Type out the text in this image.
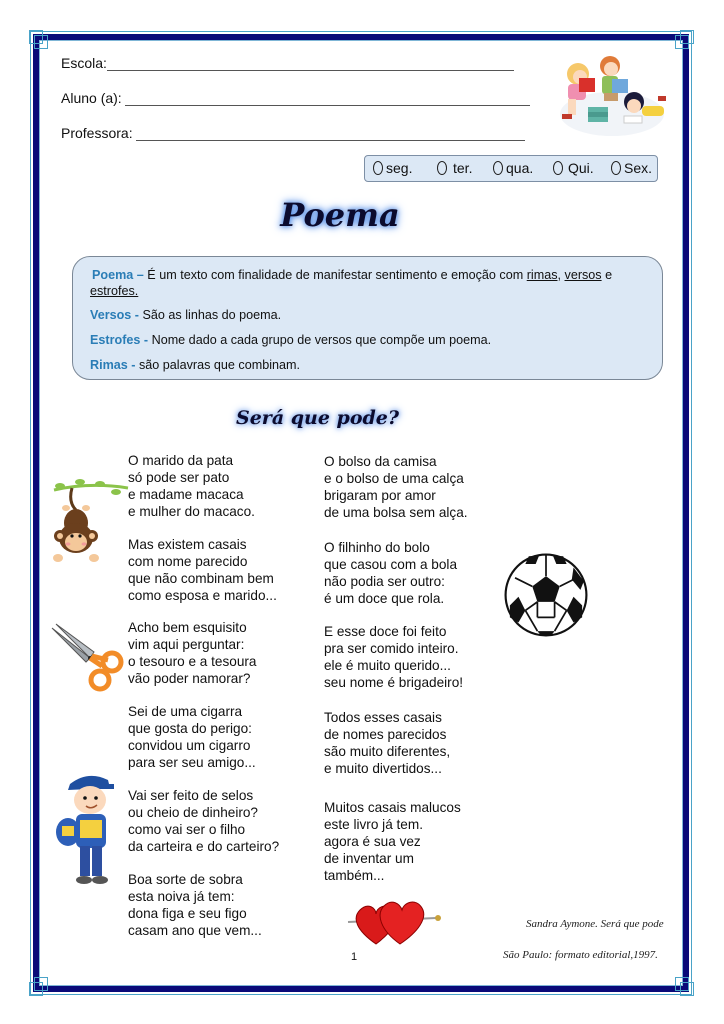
Escola:
Aluno (a):
Professora:
seg.	ter. qua. Qui. Sex.
Poema
Poema – É um texto com finalidade de manifestar sentimento e emoção com rimas, versos e
estrofes.
Versos - São as linhas do poema.
Estrofes - Nome dado a cada grupo de versos que compõe um poema.
Rimas - são palavras que combinam.
Será que pode?
O marido da pata
só pode ser pato
e madame macaca
e mulher do macaco.
Mas existem casais
com nome parecido
que não combinam bem
como esposa e marido...
Acho bem esquisito
vim aqui perguntar:
o tesouro e a tesoura
vão poder namorar?
Sei de uma cigarra
que gosta do perigo:
convidou um cigarro
para ser seu amigo...
Vai ser feito de selos
ou cheio de dinheiro?
como vai ser o filho
da carteira e do carteiro?
Boa sorte de sobra
esta noiva já tem:
dona figa e seu figo
casam ano que vem...
O bolso da camisa
e o bolso de uma calça
brigaram por amor
de uma bolsa sem alça.
O filhinho do bolo
que casou com a bola
não podia ser outro:
é um doce que rola.
E esse doce foi feito
pra ser comido inteiro.
ele é muito querido...
seu nome é brigadeiro!
Todos esses casais
de nomes parecidos
são muito diferentes,
e muito divertidos...
Muitos casais malucos
este livro já tem.
agora é sua vez
de inventar um
também...
Sandra Aymone. Será que pode
São Paulo: formato editorial,1997.
1
